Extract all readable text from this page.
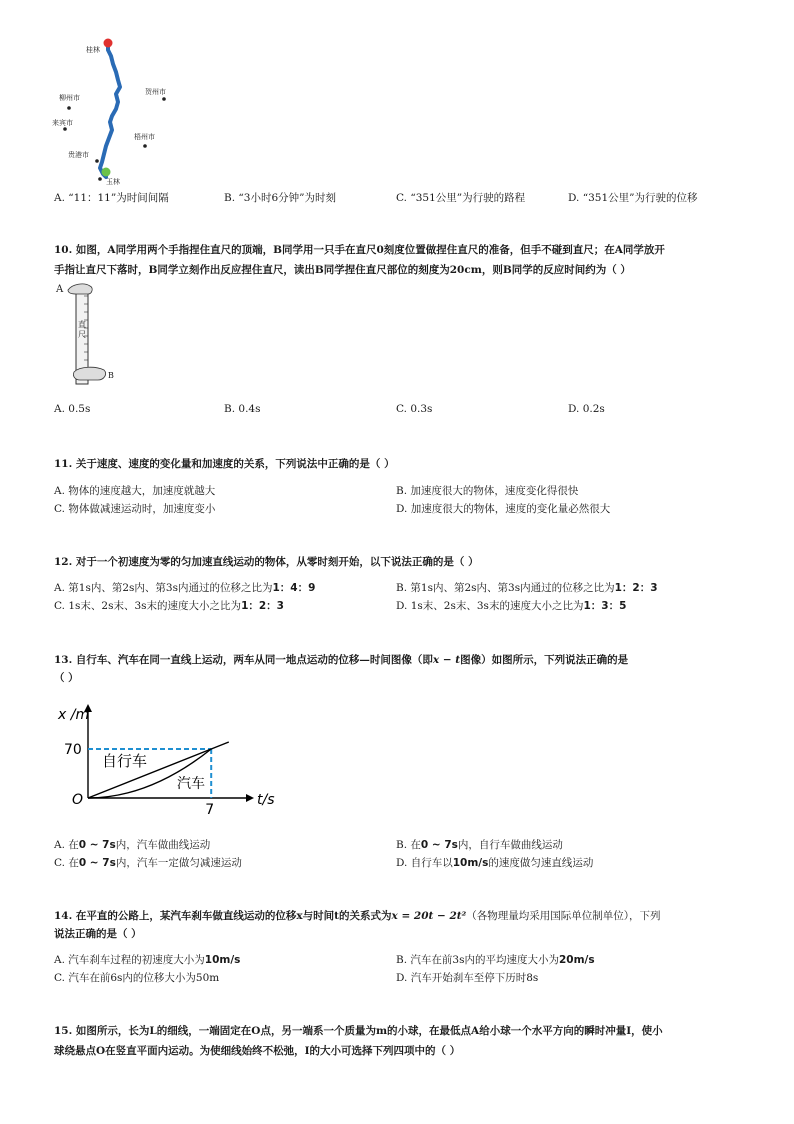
桂林
柳州市
贺州市
来宾市
梧州市
贵港市
玉林
A. “11：11”为时间间隔	B. “3小时6分钟”为时刻	C. “351公里”为行驶的路程	D. “351公里”为行驶的位移
10. 如图，A同学用两个手指捏住直尺的顶端，B同学用一只手在直尺0刻度位置做捏住直尺的准备，但手不碰到直尺；在A同学放开
手指让直尺下落时，B同学立刻作出反应捏住直尺，读出B同学捏住直尺部位的刻度为20cm，则B同学的反应时间约为（ ）
A
直尺
B
A. 0.5s	B. 0.4s	C. 0.3s	D. 0.2s
11. 关于速度、速度的变化量和加速度的关系，下列说法中正确的是（ ）
A. 物体的速度越大，加速度就越大	B. 加速度很大的物体，速度变化得很快
C. 物体做减速运动时，加速度变小	D. 加速度很大的物体，速度的变化量必然很大
12. 对于一个初速度为零的匀加速直线运动的物体，从零时刻开始，以下说法正确的是（ ）
A. 第1s内、第2s内、第3s内通过的位移之比为1：4：9	B. 第1s内、第2s内、第3s内通过的位移之比为1：2：3
C. 1s末、2s末、3s末的速度大小之比为1：2：3	D. 1s末、2s末、3s末的速度大小之比为1：3：5
13. 自行车、汽车在同一直线上运动，两车从同一地点运动的位移—时间图像（即x − t图像）如图所示，下列说法正确的是
（ ）
O
7
70
t/s
x /m
自行车
汽车
A. 在0 ~ 7s内，汽车做曲线运动	B. 在0 ~ 7s内，自行车做曲线运动
C. 在0 ~ 7s内，汽车一定做匀减速运动	D. 自行车以10m/s的速度做匀速直线运动
14. 在平直的公路上，某汽车刹车做直线运动的位移x与时间t的关系式为x = 20t − 2t²（各物理量均采用国际单位制单位），下列
说法正确的是（ ）
A. 汽车刹车过程的初速度大小为10m/s	B. 汽车在前3s内的平均速度大小为20m/s
C. 汽车在前6s内的位移大小为50m	D. 汽车开始刹车至停下历时8s
15. 如图所示，长为L的细线，一端固定在O点，另一端系一个质量为m的小球，在最低点A给小球一个水平方向的瞬时冲量I，使小
球绕悬点O在竖直平面内运动。为使细线始终不松弛，I的大小可选择下列四项中的（ ）
